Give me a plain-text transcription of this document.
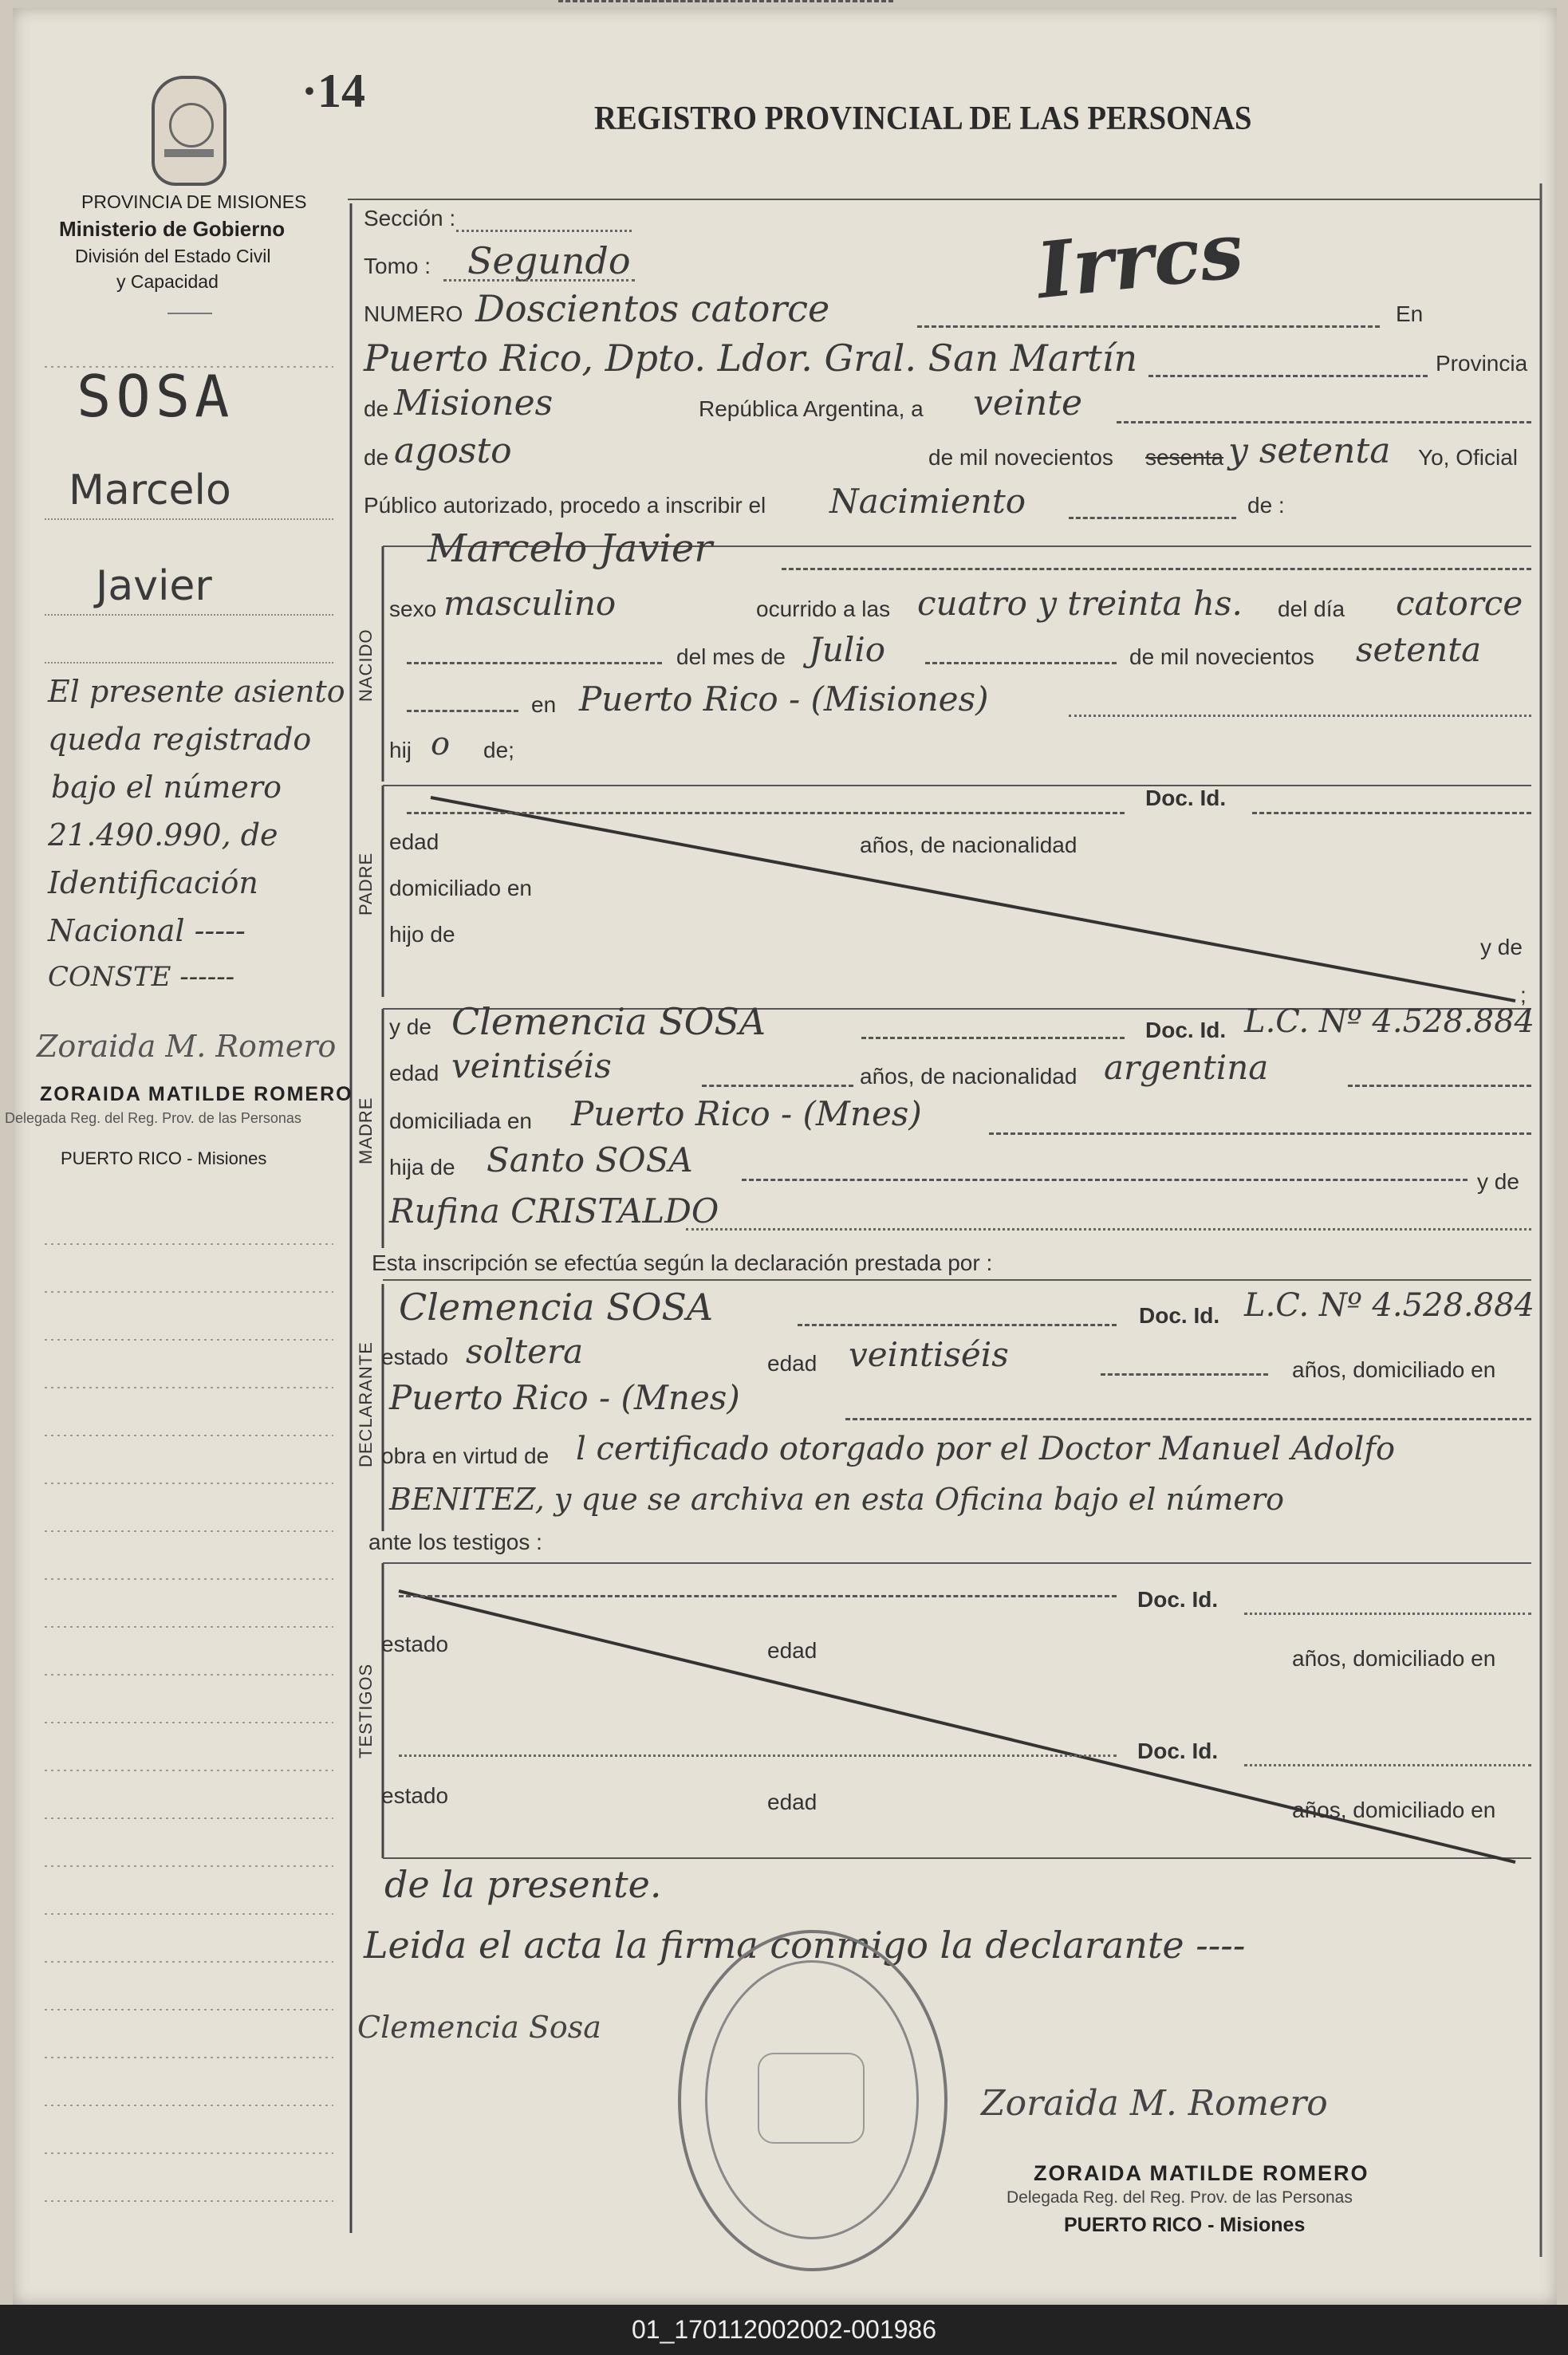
·14
REGISTRO PROVINCIAL DE LAS PERSONAS
PROVINCIA DE MISIONES
Ministerio de Gobierno
División del Estado Civil
y Capacidad
SOSA
Marcelo
Javier
El presente asiento
queda registrado
bajo el número
21.490.990, de
Identificación
Nacional -----
CONSTE ------
Zoraida M. Romero
ZORAIDA MATILDE ROMERO
Delegada Reg. del Reg. Prov. de las Personas
PUERTO RICO - Misiones
Irrcs
Sección :
Tomo : Segundo
NUMERO Doscientos catorce	En
Puerto Rico, Dpto. Ldor. Gral. San Martín	Provincia
de Misiones	República Argentina, a veinte
de agosto	de mil novecientos sesenta y setenta Yo, Oficial
Público autorizado, procedo a inscribir el Nacimiento	de :
NACIDO
Marcelo Javier
sexo masculino	ocurrido a las cuatro y treinta hs. del día catorce
del mes de Julio	de mil novecientos setenta
en Puerto Rico - (Misiones)
hij o de;
PADRE
Doc. Id.
edad	años, de nacionalidad
domiciliado en
hijo de
y de
;
MADRE
y de Clemencia SOSA	Doc. Id. L.C. Nº 4.528.884
edad veintiséis	años, de nacionalidad argentina
domiciliada en Puerto Rico - (Mnes)
hija de Santo SOSA
y de
Rufina CRISTALDO
Esta inscripción se efectúa según la declaración prestada por :
DECLARANTE
Clemencia SOSA	Doc. Id. L.C. Nº 4.528.884
estado soltera	edad veintiséis	años, domiciliado en
Puerto Rico - (Mnes)
obra en virtud de l certificado otorgado por el Doctor Manuel Adolfo
BENITEZ, y que se archiva en esta Oficina bajo el número
ante los testigos :
TESTIGOS
Doc. Id.
estado	edad	años, domiciliado en
Doc. Id.
estado	edad	años, domiciliado en
de la presente.
Leida el acta la firma conmigo la declarante ----
Clemencia Sosa
Zoraida M. Romero
ZORAIDA MATILDE ROMERO
Delegada Reg. del Reg. Prov. de las Personas
PUERTO RICO - Misiones
01_170112002002-001986
